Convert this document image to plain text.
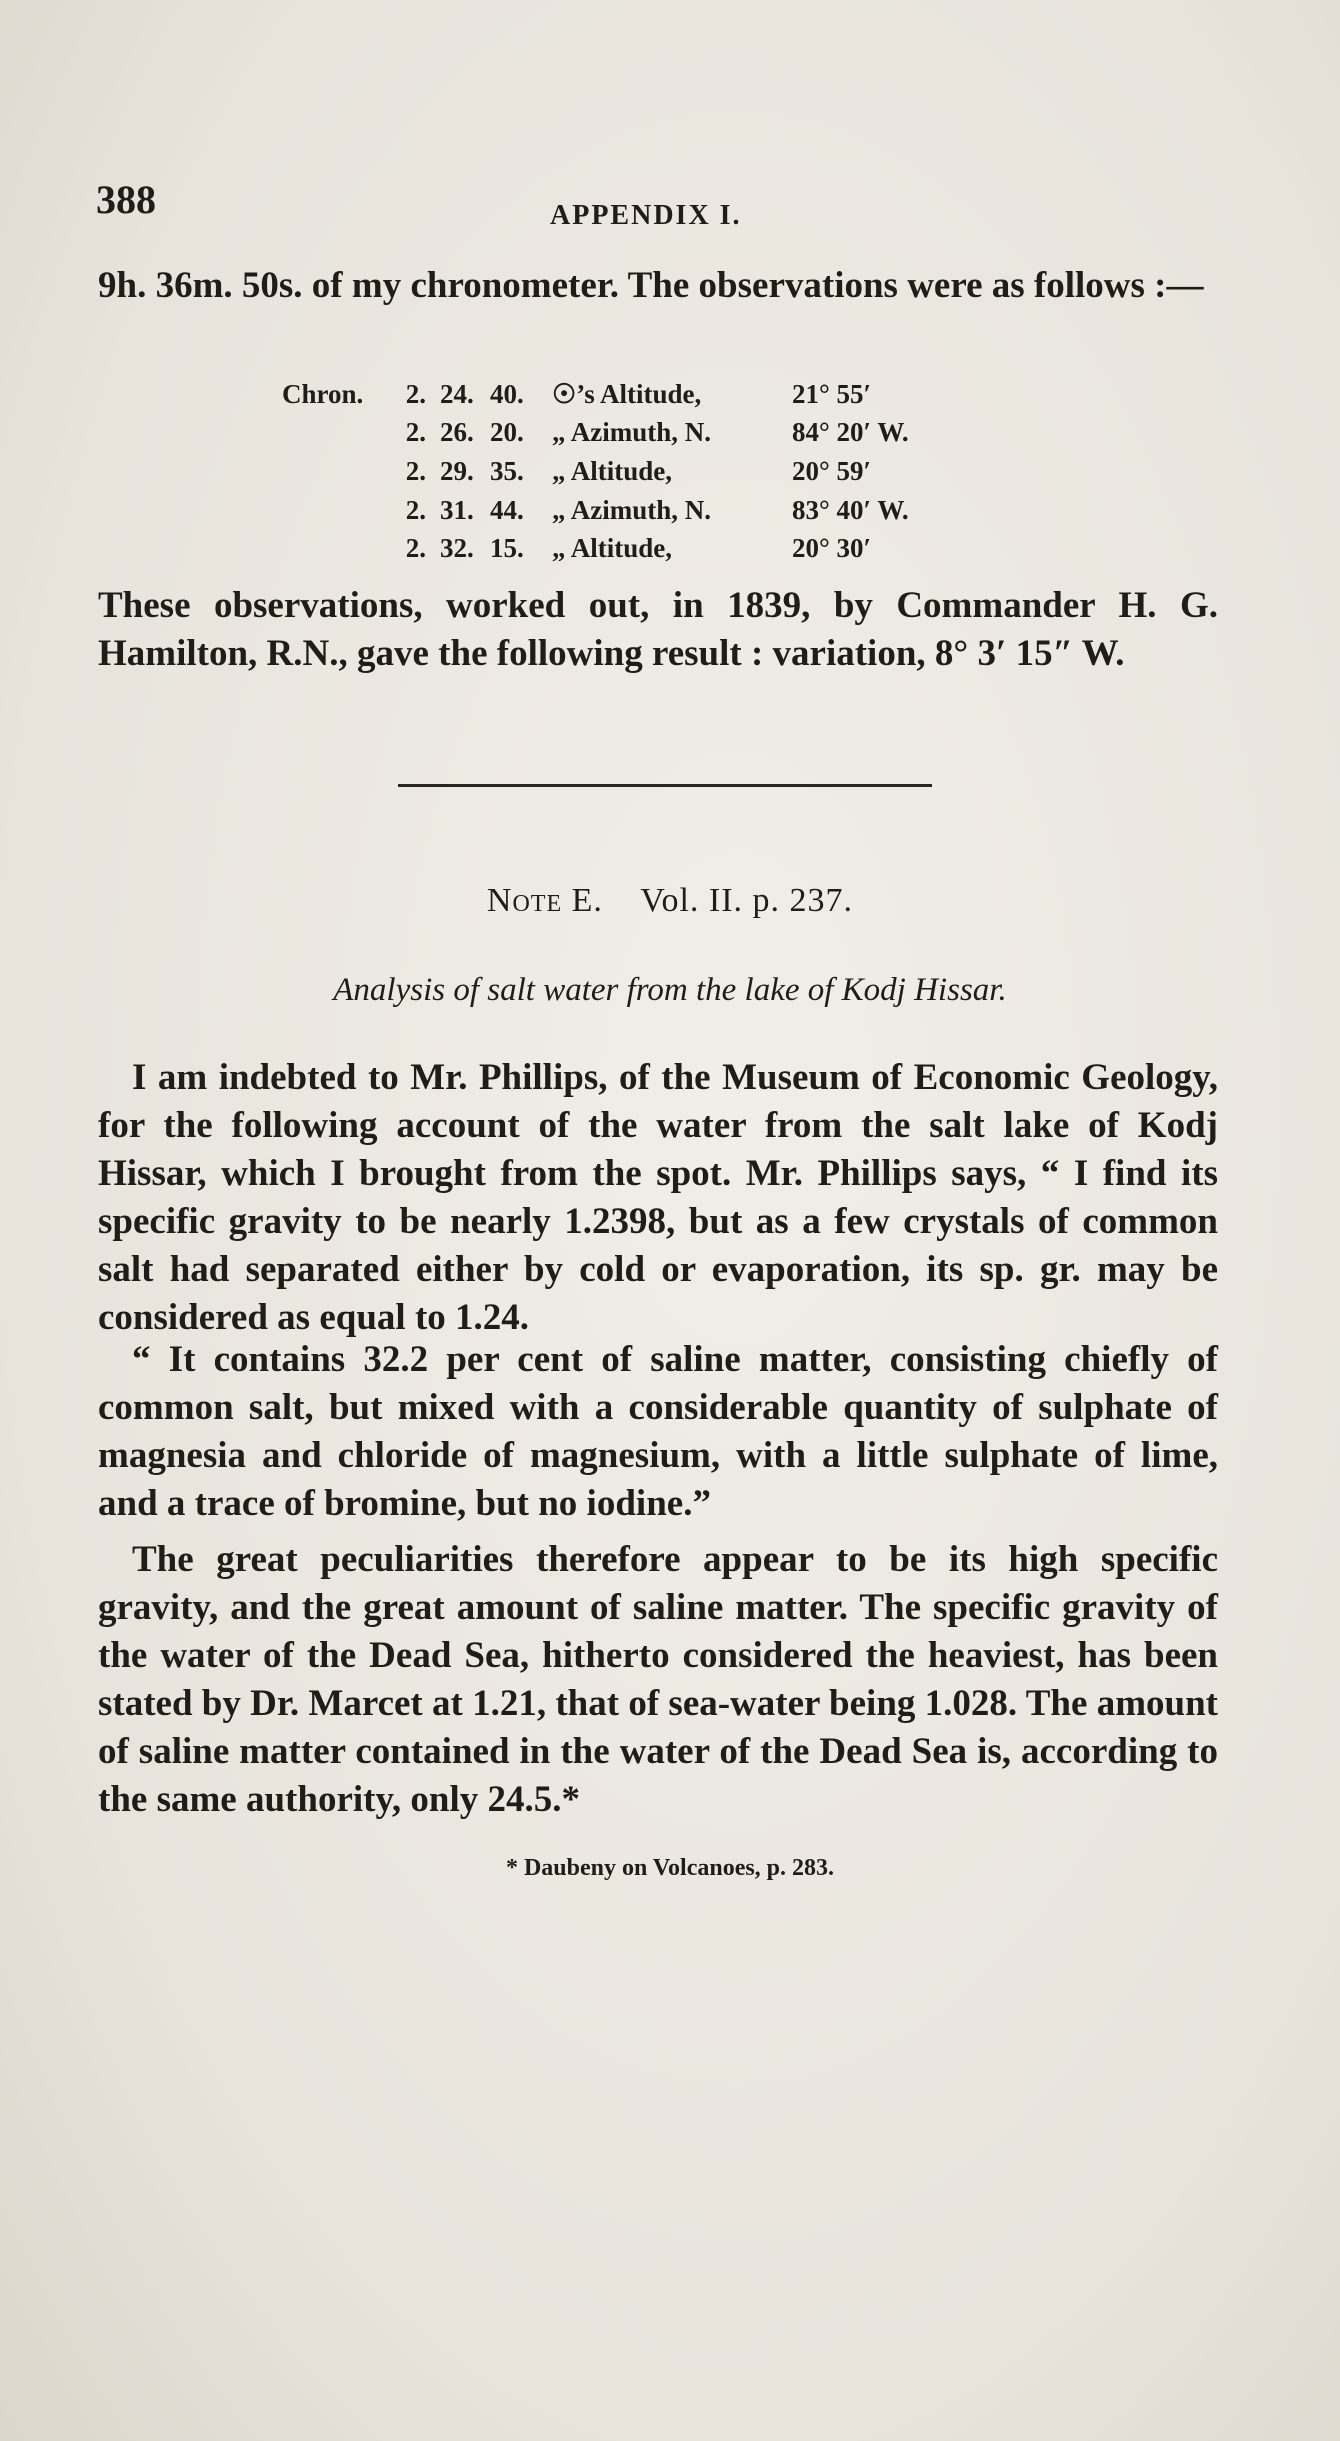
388	APPENDIX I.
9h. 36m. 50s. of my chronometer. The observations were as follows :—
Chron.	2.	24.	40.	☉’s Altitude,	21° 55′
	2.	26.	20.	„ Azimuth, N.	84° 20′ W.
	2.	29.	35.	„ Altitude,	20° 59′
	2.	31.	44.	„ Azimuth, N.	83° 40′ W.
	2.	32.	15.	„ Altitude,	20° 30′
These observations, worked out, in 1839, by Commander H. G. Hamilton, R.N., gave the following result : variation, 8° 3′ 15″ W.
Note E. Vol. II. p. 237.
Analysis of salt water from the lake of Kodj Hissar.
I am indebted to Mr. Phillips, of the Museum of Economic Geology, for the following account of the water from the salt lake of Kodj Hissar, which I brought from the spot. Mr. Phillips says, “ I find its specific gravity to be nearly 1.2398, but as a few crystals of common salt had separated either by cold or evaporation, its sp. gr. may be considered as equal to 1.24.
“ It contains 32.2 per cent of saline matter, consisting chiefly of common salt, but mixed with a considerable quantity of sulphate of magnesia and chloride of magnesium, with a little sulphate of lime, and a trace of bromine, but no iodine.”
The great peculiarities therefore appear to be its high specific gravity, and the great amount of saline matter. The specific gravity of the water of the Dead Sea, hitherto considered the heaviest, has been stated by Dr. Marcet at 1.21, that of sea-water being 1.028. The amount of saline matter contained in the water of the Dead Sea is, according to the same authority, only 24.5.*
* Daubeny on Volcanoes, p. 283.
